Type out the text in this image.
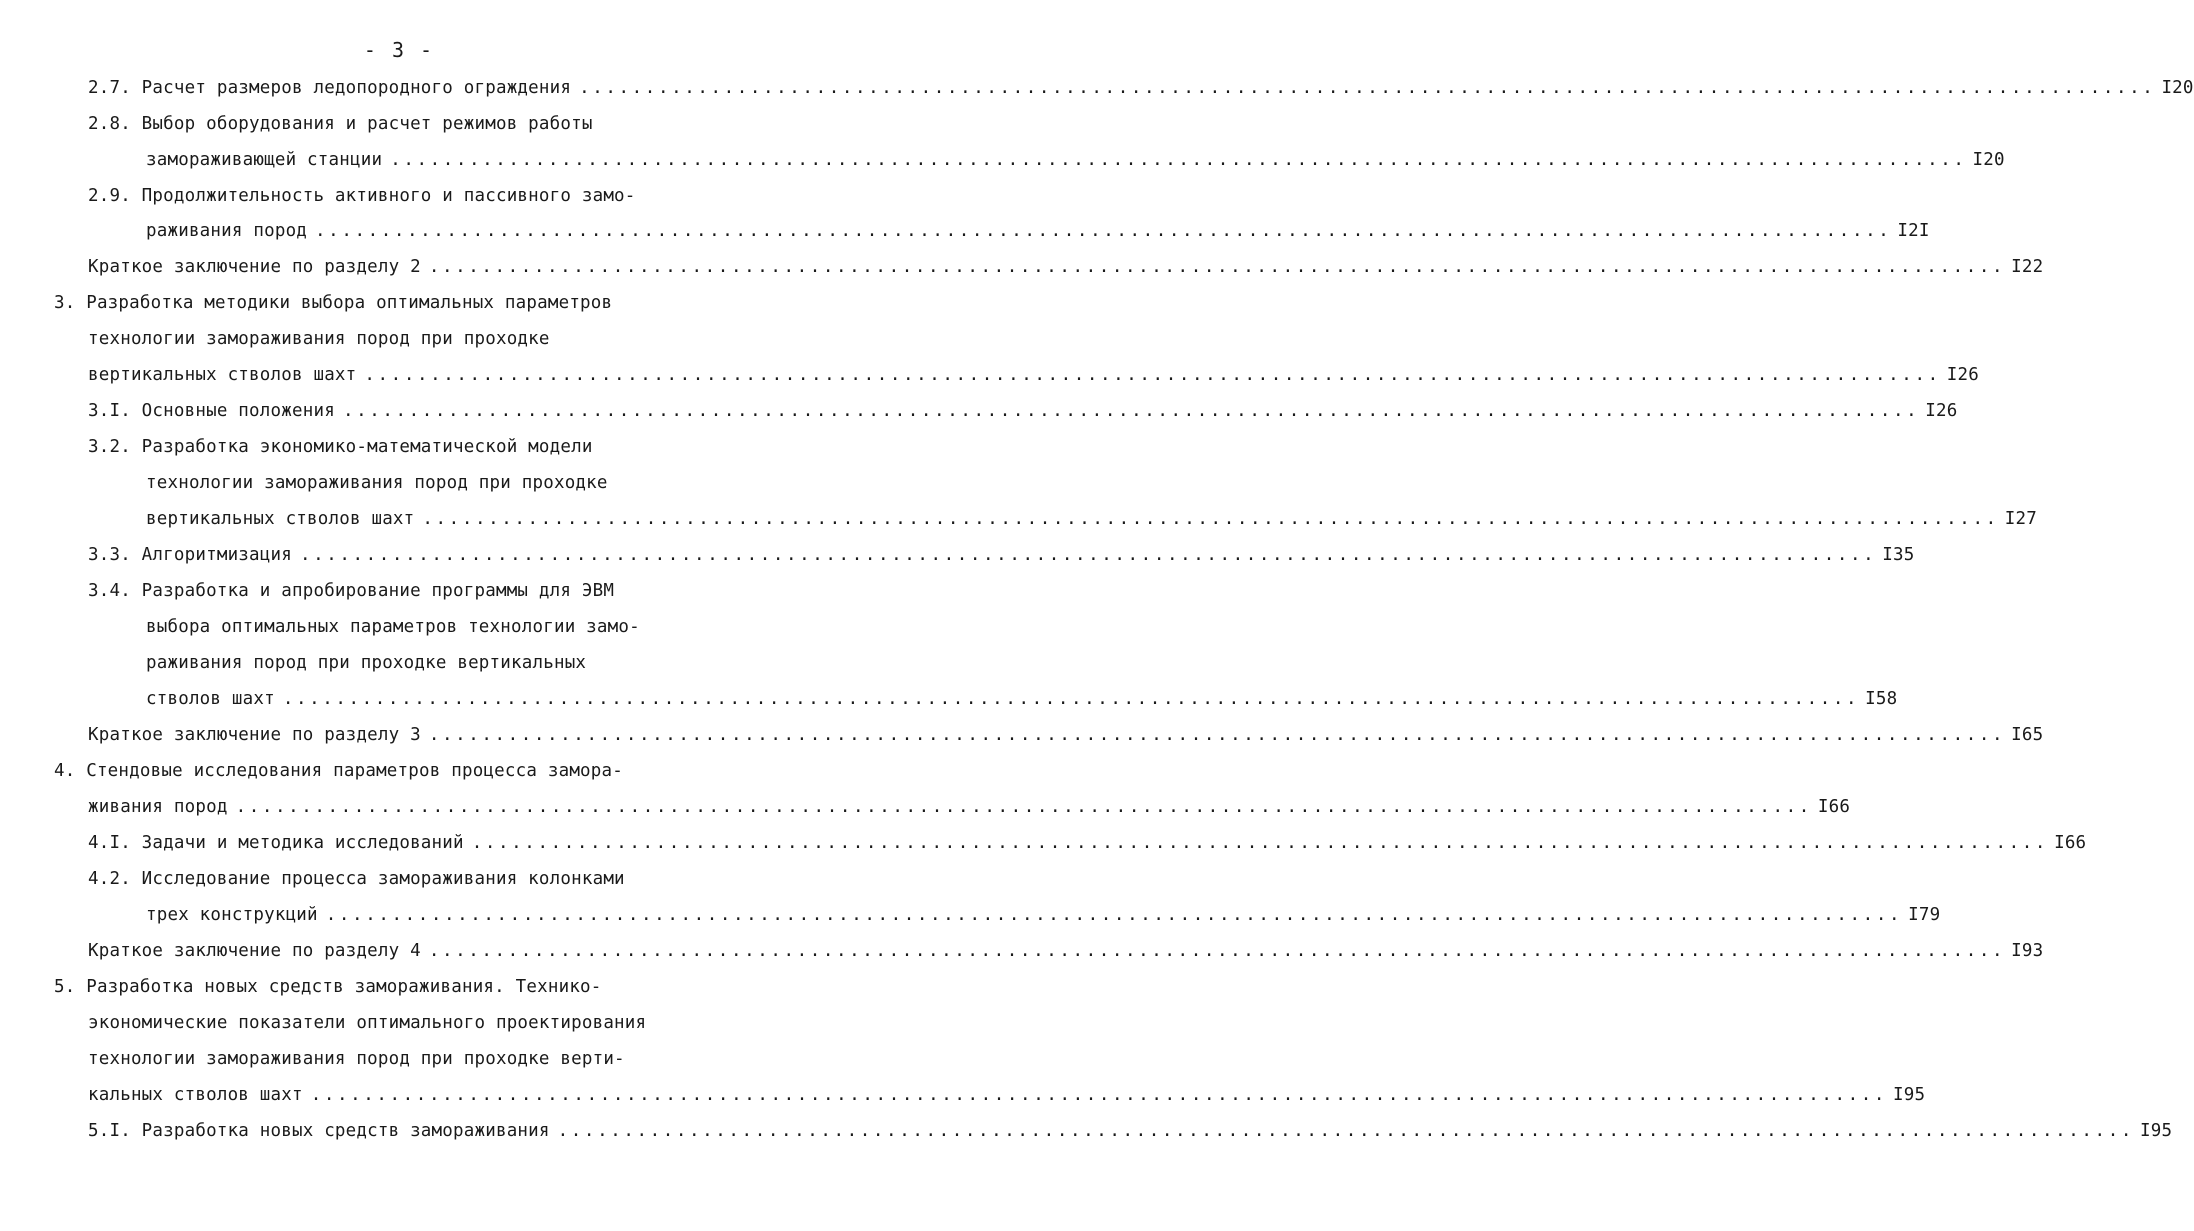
- 3 -
2.7. Расчет размеров ледопородного ограждения ........................................................................................................................ I20
2.8. Выбор оборудования и расчет режимов работы
замораживающей станции ........................................................................................................................ I20
2.9. Продолжительность активного и пассивного замо-
раживания пород ........................................................................................................................ I2I
Краткое заключение по разделу 2 ........................................................................................................................ I22
3. Разработка методики выбора оптимальных параметров
технологии замораживания пород при проходке
вертикальных стволов шахт ........................................................................................................................ I26
3.I. Основные положения ........................................................................................................................ I26
3.2. Разработка экономико-математической модели
технологии замораживания пород при проходке
вертикальных стволов шахт ........................................................................................................................ I27
3.3. Алгоритмизация ........................................................................................................................ I35
3.4. Разработка и апробирование программы для ЭВМ
выбора оптимальных параметров технологии замо-
раживания пород при проходке вертикальных
стволов шахт ........................................................................................................................ I58
Краткое заключение по разделу 3 ........................................................................................................................ I65
4. Стендовые исследования параметров процесса замора-
живания пород ........................................................................................................................ I66
4.I. Задачи и методика исследований ........................................................................................................................ I66
4.2. Исследование процесса замораживания колонками
трех конструкций ........................................................................................................................ I79
Краткое заключение по разделу 4 ........................................................................................................................ I93
5. Разработка новых средств замораживания. Технико-
экономические показатели оптимального проектирования
технологии замораживания пород при проходке верти-
кальных стволов шахт ........................................................................................................................ I95
5.I. Разработка новых средств замораживания ........................................................................................................................ I95
